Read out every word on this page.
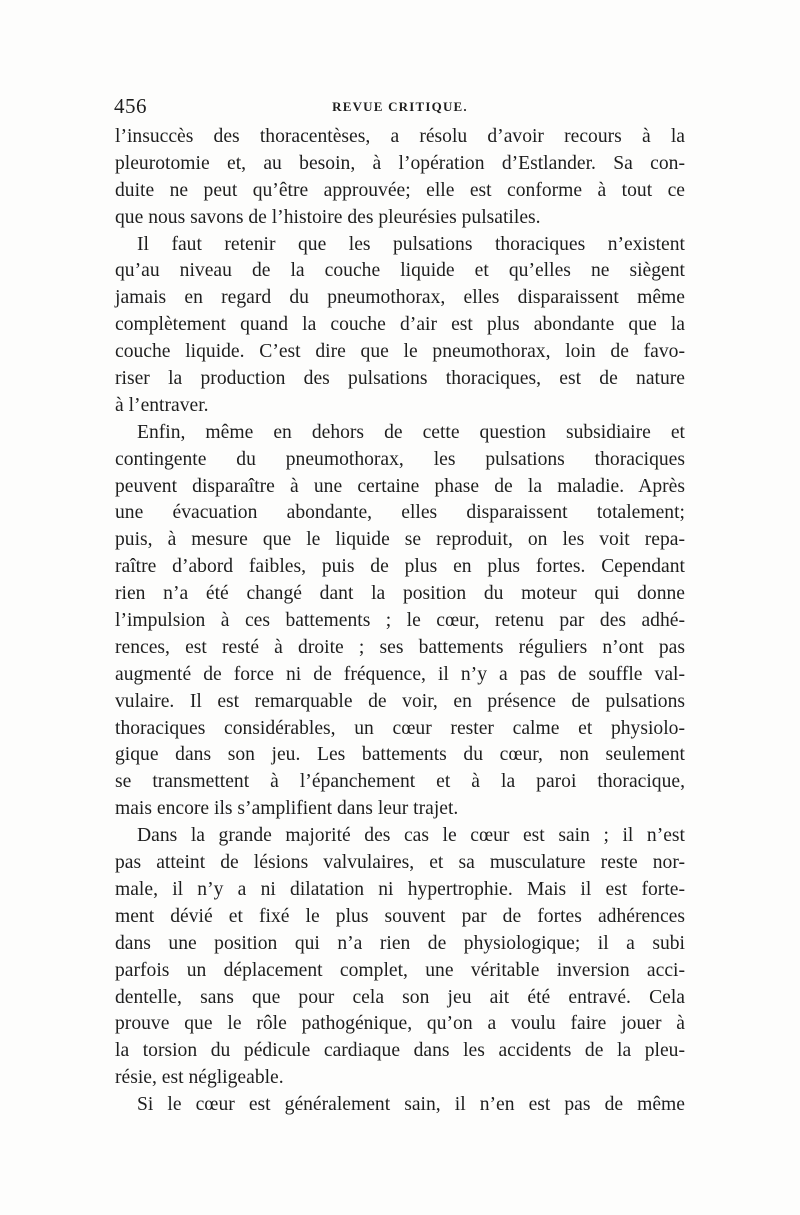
456	REVUE CRITIQUE.
l’insuccès des thoracentèses, a résolu d’avoir recours à la
pleurotomie et, au besoin, à l’opération d’Estlander. Sa con-
duite ne peut qu’être approuvée; elle est conforme à tout ce
que nous savons de l’histoire des pleurésies pulsatiles.
Il faut retenir que les pulsations thoraciques n’existent
qu’au niveau de la couche liquide et qu’elles ne siègent
jamais en regard du pneumothorax, elles disparaissent même
complètement quand la couche d’air est plus abondante que la
couche liquide. C’est dire que le pneumothorax, loin de favo-
riser la production des pulsations thoraciques, est de nature
à l’entraver.
Enfin, même en dehors de cette question subsidiaire et
contingente du pneumothorax, les pulsations thoraciques
peuvent disparaître à une certaine phase de la maladie. Après
une évacuation abondante, elles disparaissent totalement;
puis, à mesure que le liquide se reproduit, on les voit repa-
raître d’abord faibles, puis de plus en plus fortes. Cependant
rien n’a été changé dant la position du moteur qui donne
l’impulsion à ces battements ; le cœur, retenu par des adhé-
rences, est resté à droite ; ses battements réguliers n’ont pas
augmenté de force ni de fréquence, il n’y a pas de souffle val-
vulaire. Il est remarquable de voir, en présence de pulsations
thoraciques considérables, un cœur rester calme et physiolo-
gique dans son jeu. Les battements du cœur, non seulement
se transmettent à l’épanchement et à la paroi thoracique,
mais encore ils s’amplifient dans leur trajet.
Dans la grande majorité des cas le cœur est sain ; il n’est
pas atteint de lésions valvulaires, et sa musculature reste nor-
male, il n’y a ni dilatation ni hypertrophie. Mais il est forte-
ment dévié et fixé le plus souvent par de fortes adhérences
dans une position qui n’a rien de physiologique; il a subi
parfois un déplacement complet, une véritable inversion acci-
dentelle, sans que pour cela son jeu ait été entravé. Cela
prouve que le rôle pathogénique, qu’on a voulu faire jouer à
la torsion du pédicule cardiaque dans les accidents de la pleu-
résie, est négligeable.
Si le cœur est généralement sain, il n’en est pas de même
